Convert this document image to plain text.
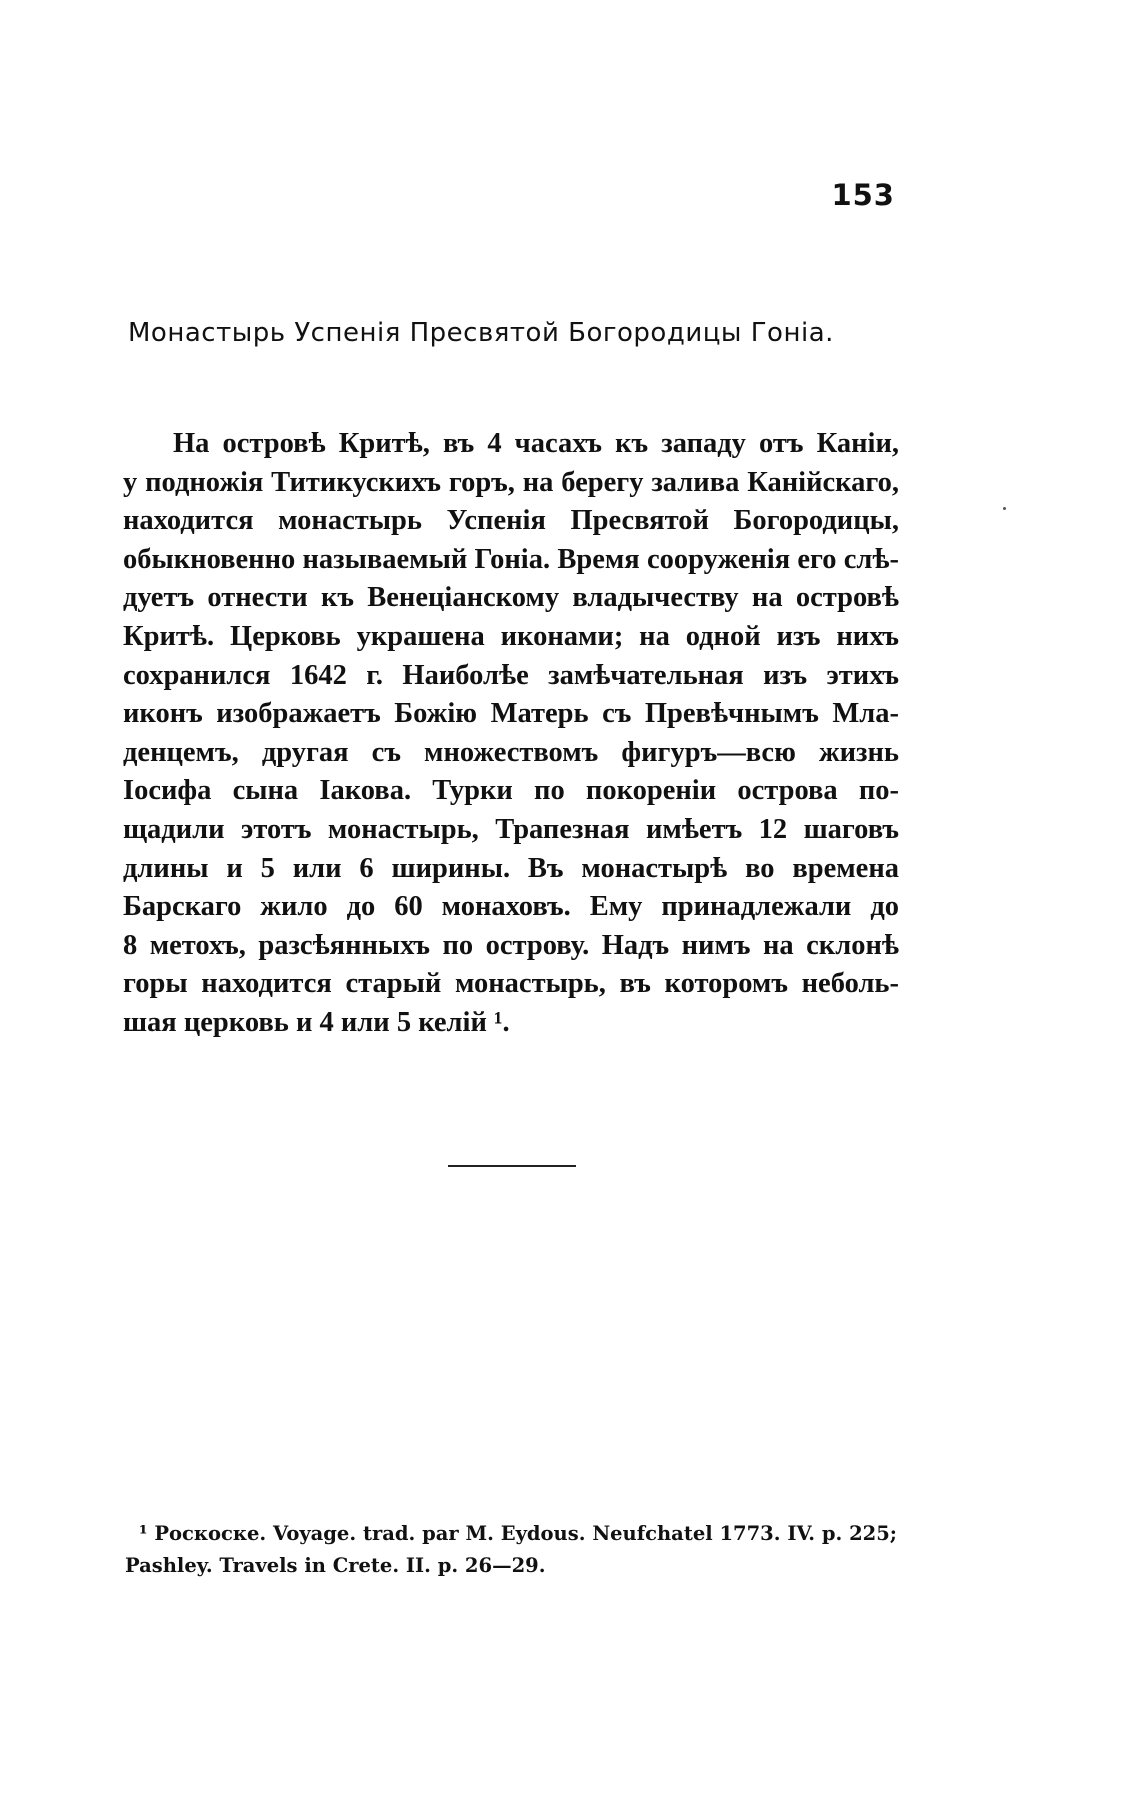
153
Монастырь Успенія Пресвятой Богородицы Гоніа.
На островѣ Критѣ, въ 4 часахъ къ западу отъ Каніи,
у подножія Титикускихъ горъ, на берегу залива Канійскаго,
находится монастырь Успенія Пресвятой Богородицы,
обыкновенно называемый Гоніа. Время сооруженія его слѣ-
дуетъ отнести къ Венеціанскому владычеству на островѣ
Критѣ. Церковь украшена иконами; на одной изъ нихъ
сохранился 1642 г. Наиболѣе замѣчательная изъ этихъ
иконъ изображаетъ Божію Матерь съ Превѣчнымъ Мла-
денцемъ, другая съ множествомъ фигуръ—всю жизнь
Іосифа сына Іакова. Турки по покореніи острова по-
щадили этотъ монастырь, Трапезная имѣетъ 12 шаговъ
длины и 5 или 6 ширины. Въ монастырѣ во времена
Барскаго жило до 60 монаховъ. Ему принадлежали до
8 метохъ, разсѣянныхъ по острову. Надъ нимъ на склонѣ
горы находится старый монастырь, въ которомъ неболь-
шая церковь и 4 или 5 келій ¹.
¹ Роскоске. Voyage. trad. par M. Eydous. Neufchatel 1773. IV. p. 225;
Pashley. Travels in Crete. II. p. 26—29.
